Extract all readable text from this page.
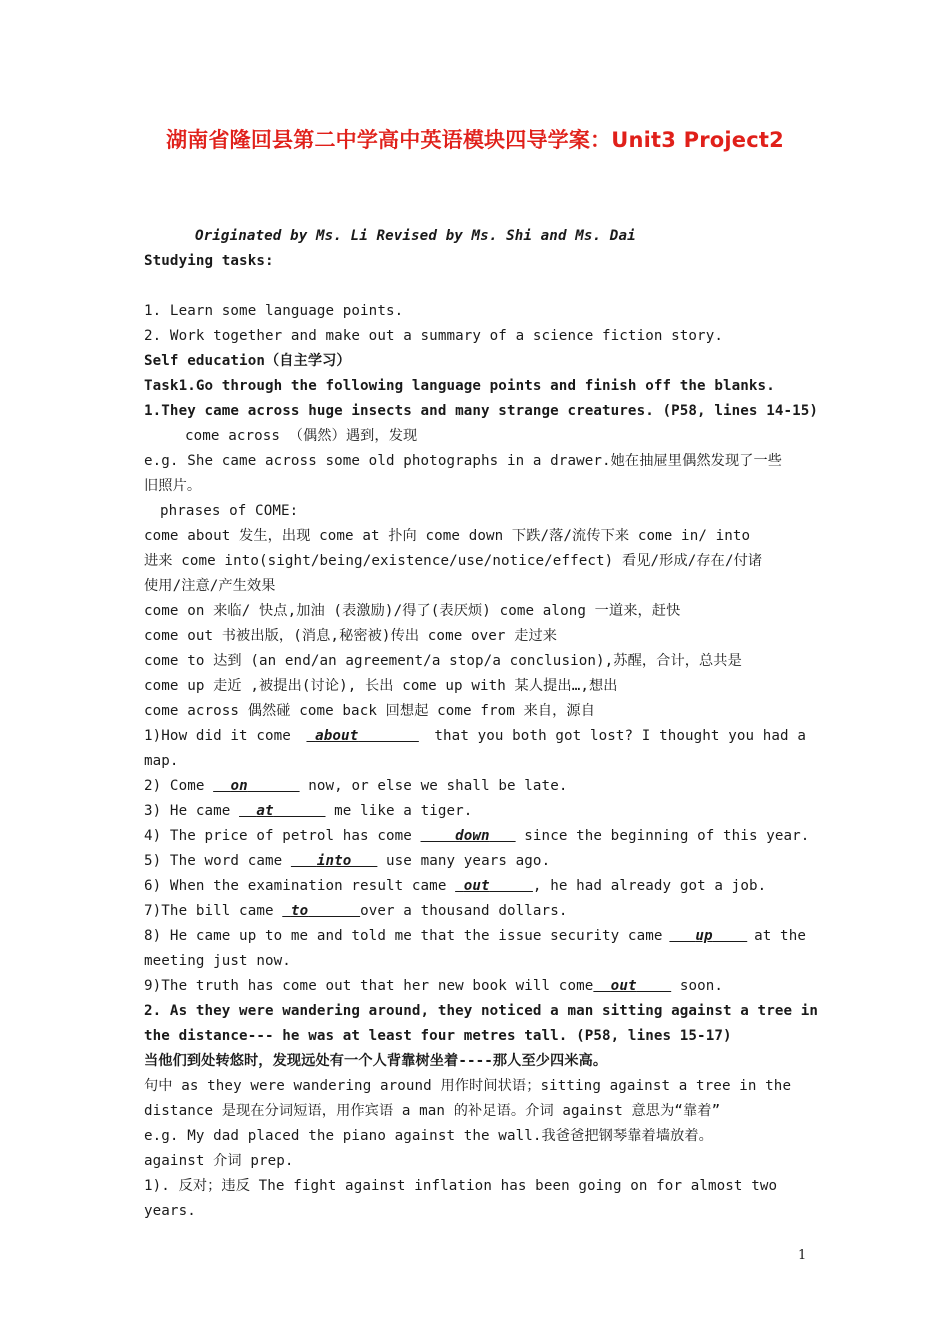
湖南省隆回县第二中学高中英语模块四导学案：Unit3 Project2
Originated by Ms. Li Revised by Ms. Shi and Ms. Dai
Studying tasks:
1. Learn some language points.
2. Work together and make out a summary of a science fiction story.
Self education（自主学习）
Task1.Go through the following language points and finish off the blanks.
1.They came across huge insects and many strange creatures. (P58, lines 14-15)
come across （偶然）遇到，发现
e.g. She came across some old photographs in a drawer.她在抽屉里偶然发现了一些
旧照片。
phrases of COME:
come about 发生，出现 come at 扑向 come down 下跌/落/流传下来 come in/ into
进来 come into(sight/being/existence/use/notice/effect) 看见/形成/存在/付诸
使用/注意/产生效果
come on 来临/ 快点,加油 (表激励)/得了(表厌烦) come along 一道来，赶快
come out 书被出版，(消息,秘密被)传出 come over 走过来
come to 达到 (an end/an agreement/a stop/a conclusion),苏醒，合计，总共是
come up 走近 ,被提出(讨论), 长出 come up with 某人提出…,想出
come across 偶然碰 come back 回想起 come from 来自，源自
1)How did it come	about	that you both got lost? I thought you had a
map.
2) Come   on	now, or else we shall be late.
3) He came   at	me like a tiger.
4) The price of petrol has come     down    since the beginning of this year.
5) The word came    into    use many years ago.
6) When the examination result came  out	, he had already got a job.
7)The bill came  to	over a thousand dollars.
8) He came up to me and told me that the issue security came	up	at the
meeting just now.
9)The truth has come out that her new book will come out     soon.
2. As they were wandering around, they noticed a man sitting against a tree in
the distance--- he was at least four metres tall. (P58, lines 15-17)
当他们到处转悠时，发现远处有一个人背靠树坐着----那人至少四米高。
句中 as they were wandering around 用作时间状语；sitting against a tree in the
distance 是现在分词短语，用作宾语 a man 的补足语。介词 against 意思为“靠着”
e.g. My dad placed the piano against the wall.我爸爸把钢琴靠着墙放着。
against 介词 prep.
1). 反对；违反 The fight against inflation has been going on for almost two
years.
1
